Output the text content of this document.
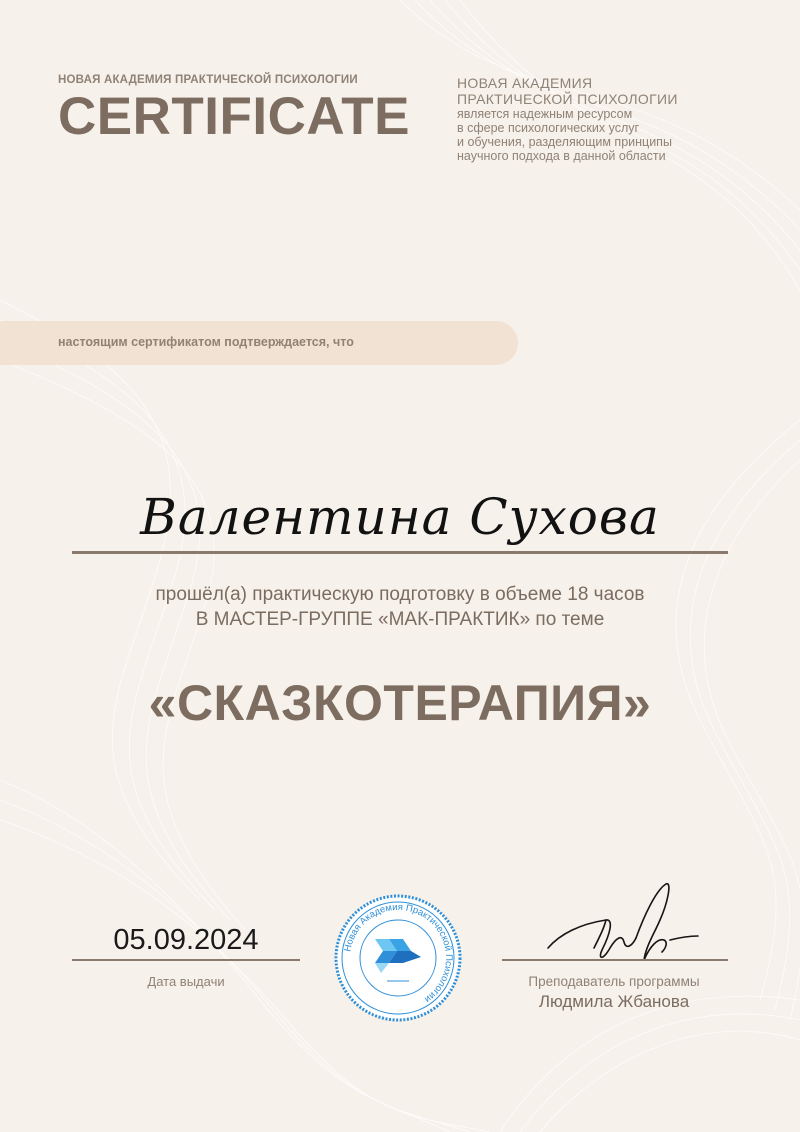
НОВАЯ АКАДЕМИЯ ПРАКТИЧЕСКОЙ ПСИХОЛОГИИ
CERTIFICATE
НОВАЯ АКАДЕМИЯ
ПРАКТИЧЕСКОЙ ПСИХОЛОГИИ
является надежным ресурсом
в сфере психологических услуг
и обучения, разделяющим принципы
научного подхода в данной области
настоящим сертификатом подтверждается, что
Валентина Сухова
прошёл(а) практическую подготовку в объеме 18 часов
В МАСТЕР-ГРУППЕ «МАК-ПРАКТИК» по теме
«СКАЗКОТЕРАПИЯ»
05.09.2024
Дата выдачи
Новая Академия Практической Психологии
Преподаватель программы
Людмила Жбанова
